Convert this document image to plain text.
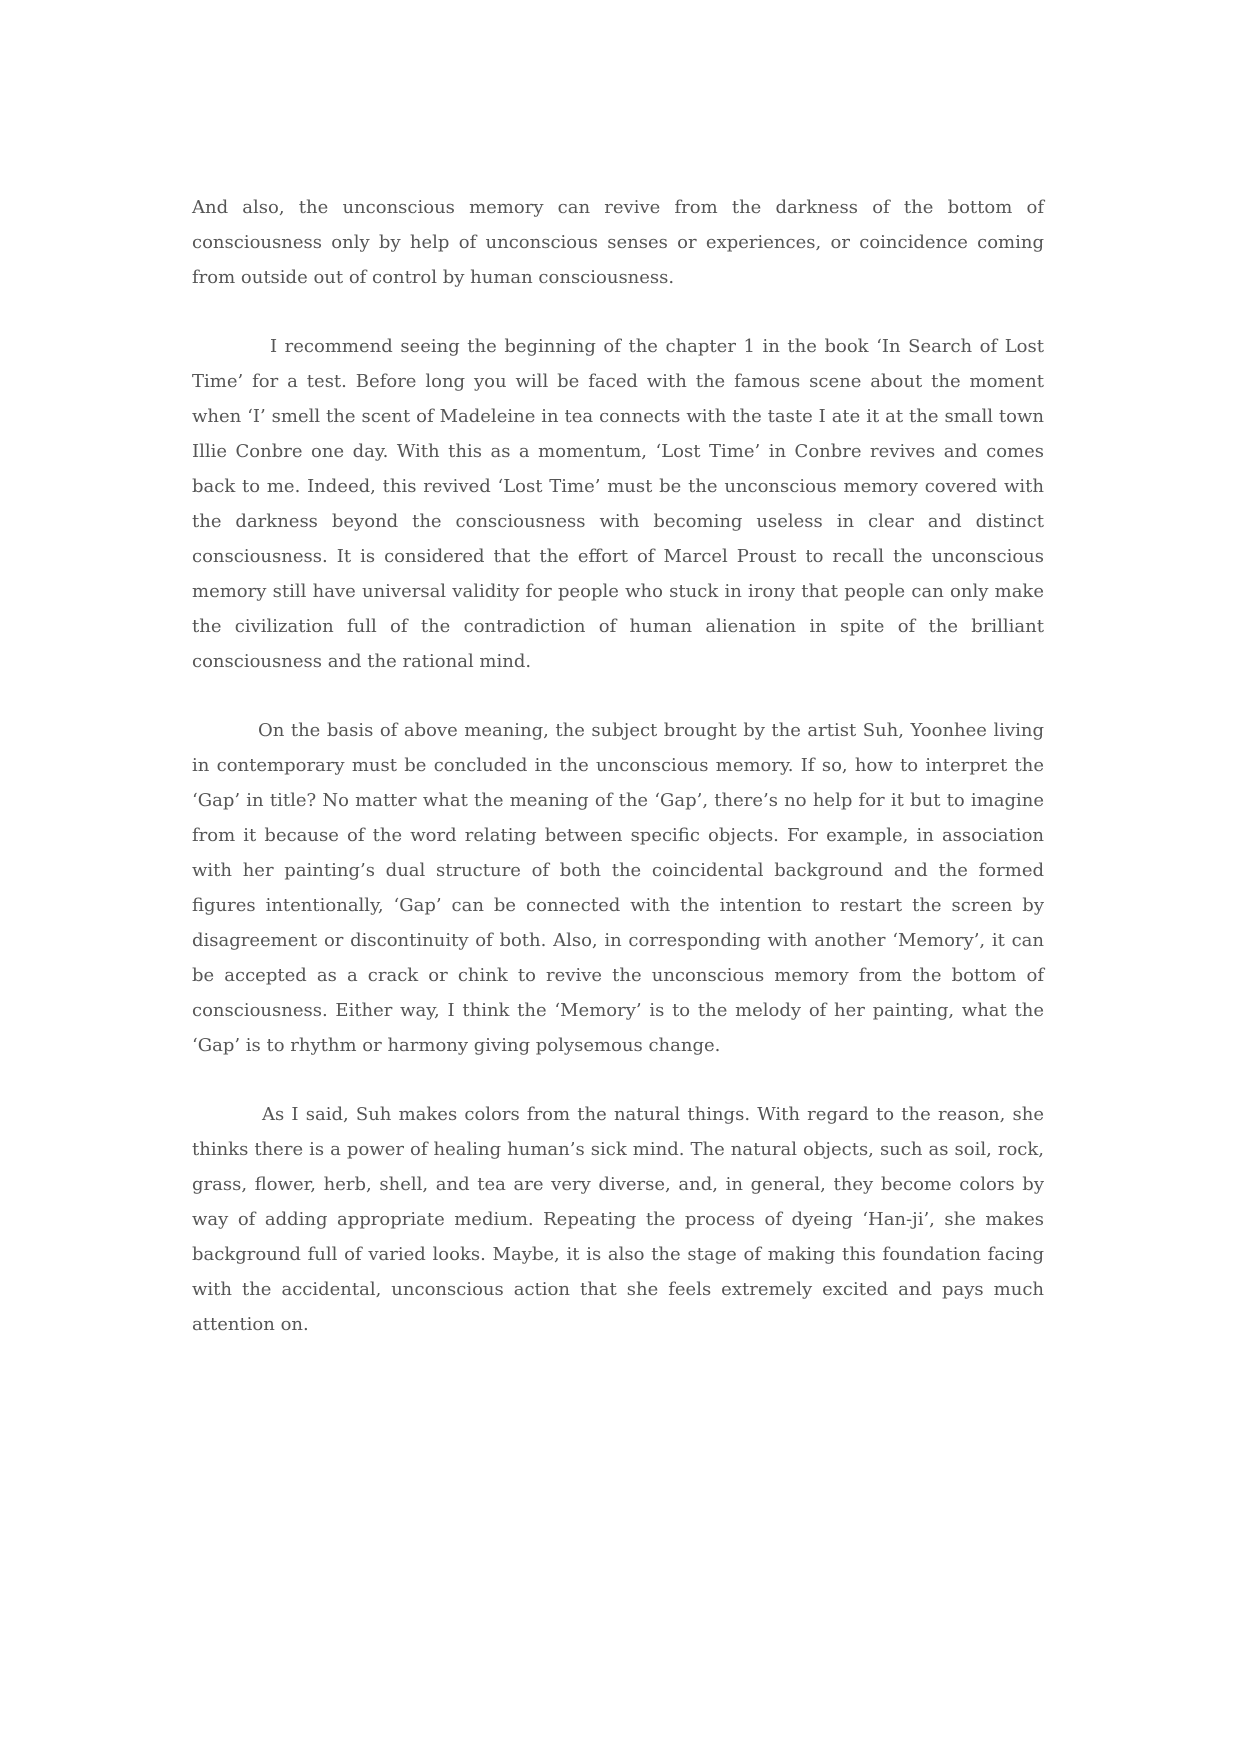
And also, the unconscious memory can revive from the darkness of the bottom of consciousness only by help of unconscious senses or experiences, or coincidence coming from outside out of control by human consciousness.

I recommend seeing the beginning of the chapter 1 in the book ‘In Search of Lost Time’ for a test. Before long you will be faced with the famous scene about the moment when ‘I’ smell the scent of Madeleine in tea connects with the taste I ate it at the small town Illie Conbre one day. With this as a momentum, ‘Lost Time’ in Conbre revives and comes back to me. Indeed, this revived ‘Lost Time’ must be the unconscious memory covered with the darkness beyond the consciousness with becoming useless in clear and distinct consciousness. It is considered that the effort of Marcel Proust to recall the unconscious memory still have universal validity for people who stuck in irony that people can only make the civilization full of the contradiction of human alienation in spite of the brilliant consciousness and the rational mind.

On the basis of above meaning, the subject brought by the artist Suh, Yoonhee living in contemporary must be concluded in the unconscious memory. If so, how to interpret the ‘Gap’ in title? No matter what the meaning of the ‘Gap’, there’s no help for it but to imagine from it because of the word relating between specific objects. For example, in association with her painting’s dual structure of both the coincidental background and the formed figures intentionally, ‘Gap’ can be connected with the intention to restart the screen by disagreement or discontinuity of both. Also, in corresponding with another ‘Memory’, it can be accepted as a crack or chink to revive the unconscious memory from the bottom of consciousness. Either way, I think the ‘Memory’ is to the melody of her painting, what the ‘Gap’ is to rhythm or harmony giving polysemous change.

As I said, Suh makes colors from the natural things. With regard to the reason, she thinks there is a power of healing human’s sick mind. The natural objects, such as soil, rock, grass, flower, herb, shell, and tea are very diverse, and, in general, they become colors by way of adding appropriate medium. Repeating the process of dyeing ‘Han-ji’, she makes background full of varied looks. Maybe, it is also the stage of making this foundation facing with the accidental, unconscious action that she feels extremely excited and pays much attention on.
